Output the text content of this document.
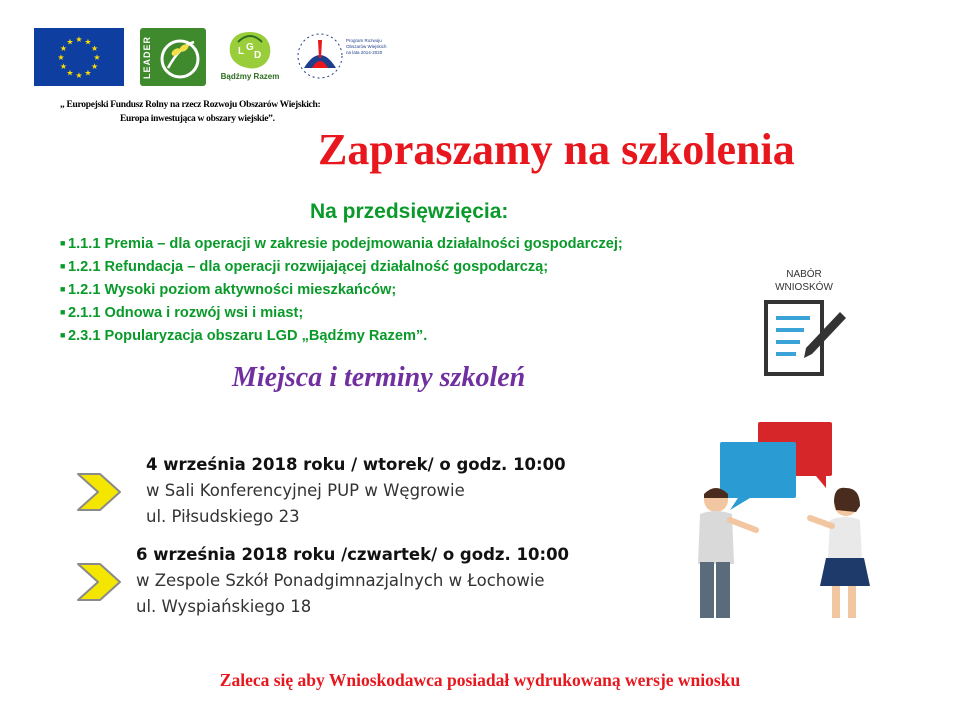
★
★
★
★
★
★
★
★
★ ★ ★
★	LEADER	L G
D
Bądźmy Razem
Program Rozwoju Obszarów Wiejskich na lata 2014-2020
„ Europejski Fundusz Rolny na rzecz Rozwoju Obszarów Wiejskich:
Europa inwestująca w obszary wiejskie”.
Zapraszamy na szkolenia
Na przedsięwzięcia:
■ 1.1.1 Premia – dla operacji w zakresie podejmowania działalności gospodarczej;
■ 1.2.1 Refundacja – dla operacji rozwijającej działalność gospodarczą;
■ 1.2.1 Wysoki poziom aktywności mieszkańców;
■ 2.1.1 Odnowa i rozwój wsi i miast;
■ 2.3.1 Popularyzacja obszaru LGD „Bądźmy Razem”.
NABÓR
WNIOSKÓW
Miejsca i terminy szkoleń
4 września 2018 roku / wtorek/ o godz. 10:00
w Sali Konferencyjnej PUP w Węgrowie
ul. Piłsudskiego 23
6 września 2018 roku /czwartek/ o godz. 10:00
w Zespole Szkół Ponadgimnazjalnych w Łochowie
ul. Wyspiańskiego 18
Zaleca się aby Wnioskodawca posiadał wydrukowaną wersje wniosku
